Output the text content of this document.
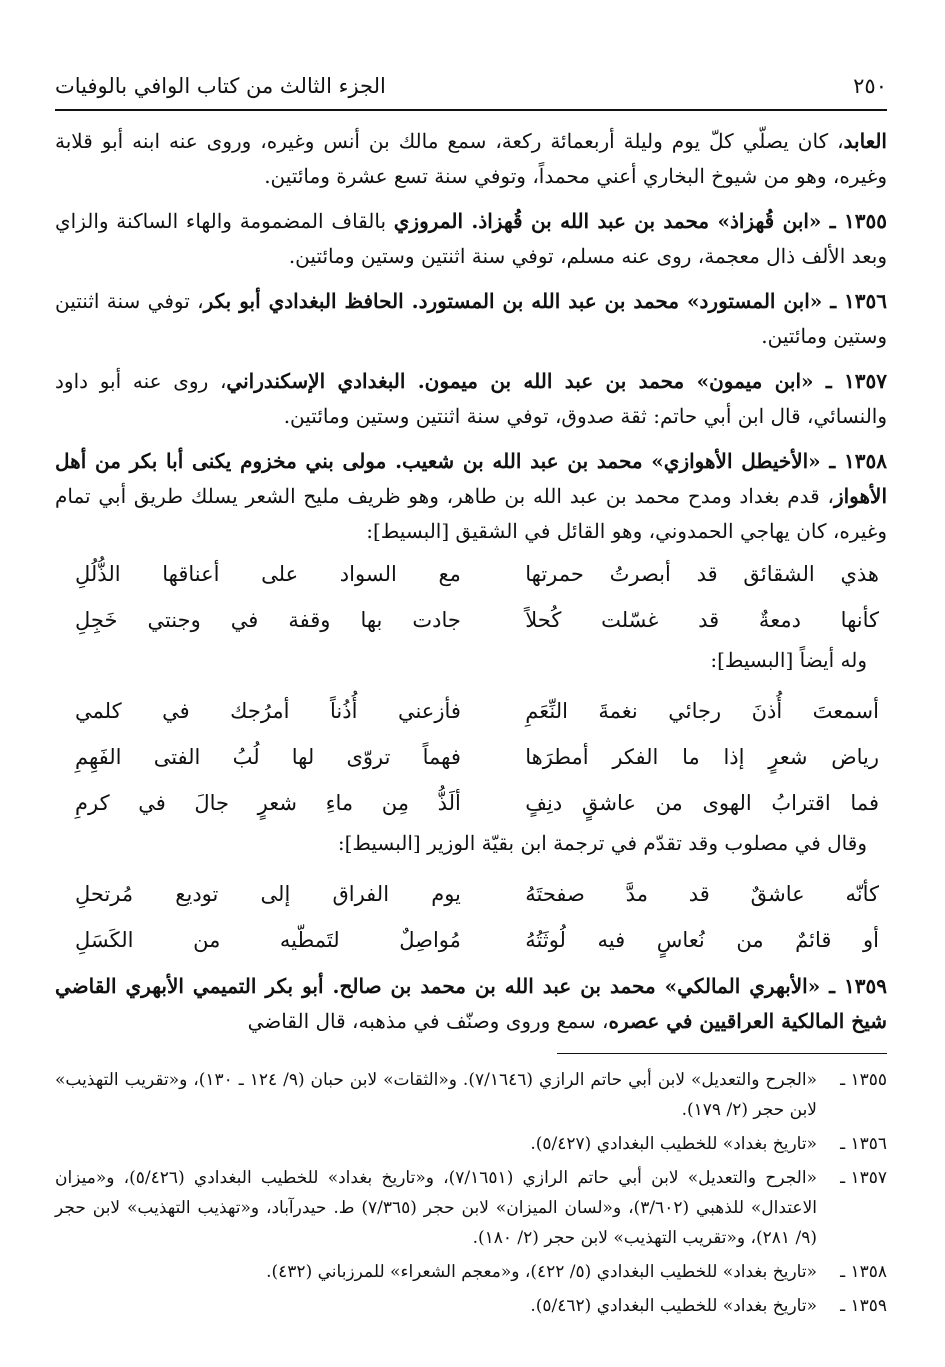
٢٥٠
الجزء الثالث من كتاب الوافي بالوفيات

العابد، كان يصلّي كلّ يوم وليلة أربعمائة ركعة، سمع مالك بن أنس وغيره، وروى عنه ابنه أبو قلابة وغيره، وهو من شيوخ البخاري أعني محمداً، وتوفي سنة تسع عشرة ومائتين.

١٣٥٥ ـ «ابن قُهزاذ» محمد بن عبد الله بن قُهزاذ. المروزي بالقاف المضمومة والهاء الساكنة والزاي وبعد الألف ذال معجمة، روى عنه مسلم، توفي سنة اثنتين وستين ومائتين.

١٣٥٦ ـ «ابن المستورد» محمد بن عبد الله بن المستورد. الحافظ البغدادي أبو بكر، توفي سنة اثنتين وستين ومائتين.

١٣٥٧ ـ «ابن ميمون» محمد بن عبد الله بن ميمون. البغدادي الإسكندراني، روى عنه أبو داود والنسائي، قال ابن أبي حاتم: ثقة صدوق، توفي سنة اثنتين وستين ومائتين.

١٣٥٨ ـ «الأخيطل الأهوازي» محمد بن عبد الله بن شعيب. مولى بني مخزوم يكنى أبا بكر من أهل الأهواز، قدم بغداد ومدح محمد بن عبد الله بن طاهر، وهو ظريف مليح الشعر يسلك طريق أبي تمام وغيره، كان يهاجي الحمدوني، وهو القائل في الشقيق [البسيط]:

هذي الشقائق قد أبصرتُ حمرتها
مع السواد على أعناقها الذُّلُلِ
كأنها دمعةٌ قد غسّلت كُحلاً
جادت بها وقفة في وجنتي خَجِلِ

وله أيضاً [البسيط]:

أسمعتَ أُذنَ رجائي نغمةَ النِّعَمِ
فأزعني أُذُناً أمرُجك في كلمي
رياض شعرٍ إذا ما الفكر أمطرَها
فهماً تروّى لها لُبُ الفتى الفَهِمِ
فما اقترابُ الهوى من عاشقٍ دنِفٍ
ألَذُّ مِن ماءِ شعرٍ جالَ في كرمِ

وقال في مصلوب وقد تقدّم في ترجمة ابن بقيّة الوزير [البسيط]:

كأنّه عاشقٌ قد مدَّ صفحتَهُ
يوم الفراق إلى توديع مُرتحلِ
أو قائمٌ من نُعاسٍ فيه لُوثَتُهُ
مُواصِلٌ لتَمطّيه من الكَسَلِ

١٣٥٩ ـ «الأبهري المالكي» محمد بن عبد الله بن محمد بن صالح. أبو بكر التميمي الأبهري القاضي شيخ المالكية العراقيين في عصره، سمع وروى وصنّف في مذهبه، قال القاضي

١٣٥٥ ـ
«الجرح والتعديل» لابن أبي حاتم الرازي (٧/١٦٤٦). و«الثقات» لابن حبان (٩/ ١٢٤ ـ ١٣٠)، و«تقريب التهذيب» لابن حجر (٢/ ١٧٩).
١٣٥٦ ـ
«تاريخ بغداد» للخطيب البغدادي (٥/٤٢٧).
١٣٥٧ ـ
«الجرح والتعديل» لابن أبي حاتم الرازي (٧/١٦٥١)، و«تاريخ بغداد» للخطيب البغدادي (٥/٤٢٦)، و«ميزان الاعتدال» للذهبي (٣/٦٠٢)، و«لسان الميزان» لابن حجر (٧/٣٦٥) ط. حيدرآباد، و«تهذيب التهذيب» لابن حجر (٩/ ٢٨١)، و«تقريب التهذيب» لابن حجر (٢/ ١٨٠).
١٣٥٨ ـ
«تاريخ بغداد» للخطيب البغدادي (٥/ ٤٢٢)، و«معجم الشعراء» للمرزباني (٤٣٢).
١٣٥٩ ـ
«تاريخ بغداد» للخطيب البغدادي (٥/٤٦٢).
